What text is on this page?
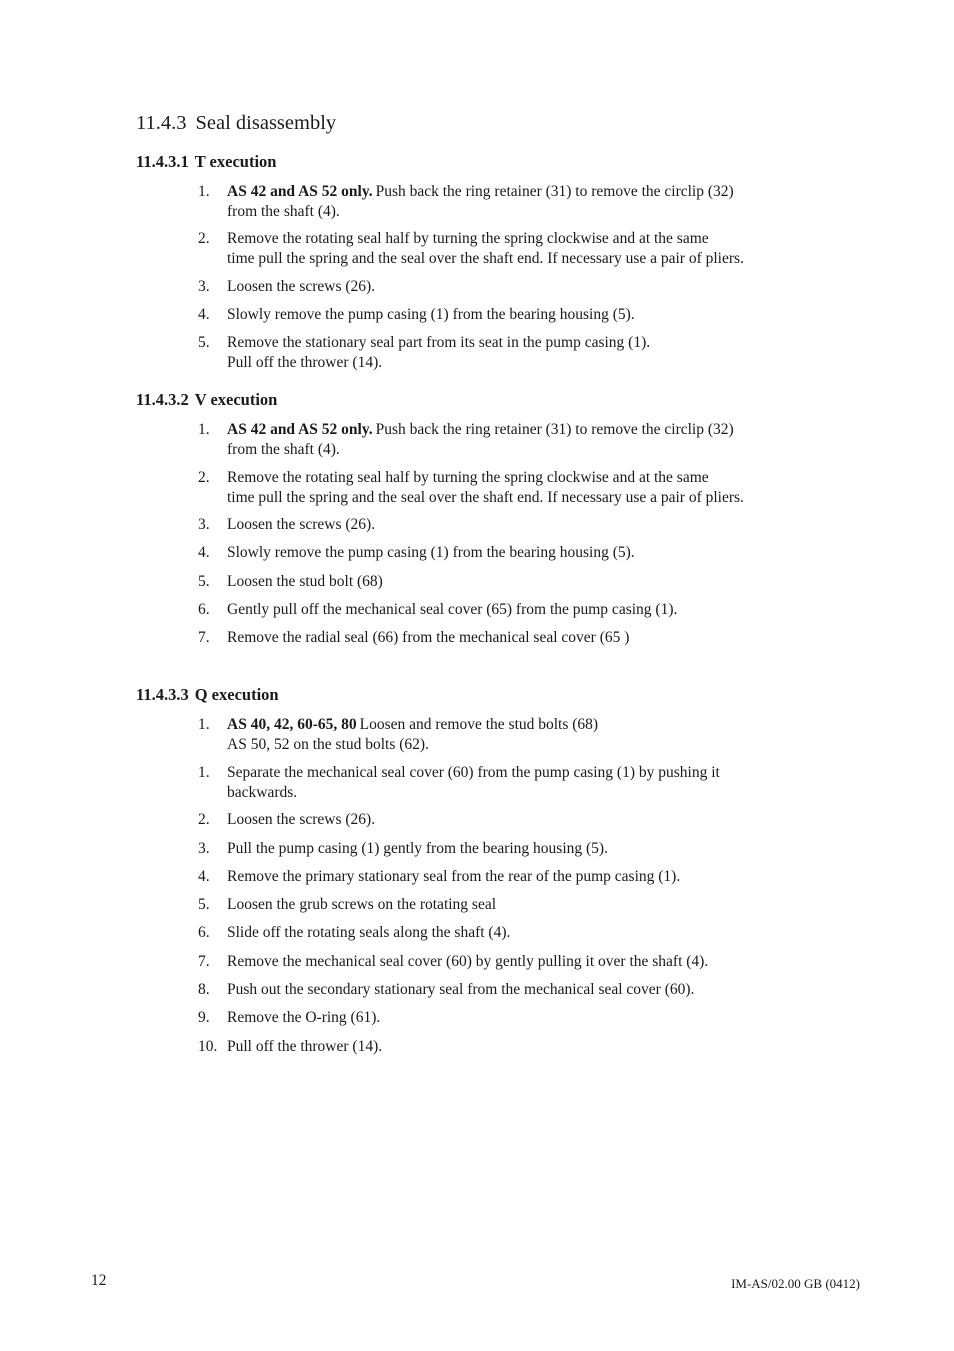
11.4.3 Seal disassembly
11.4.3.1 T execution
1. AS 42 and AS 52 only. Push back the ring retainer (31) to remove the circlip (32)
from the shaft (4).
2. Remove the rotating seal half by turning the spring clockwise and at the same
time pull the spring and the seal over the shaft end. If necessary use a pair of pliers.
3. Loosen the screws (26).
4. Slowly remove the pump casing (1) from the bearing housing (5).
5. Remove the stationary seal part from its seat in the pump casing (1).
Pull off the thrower (14).
11.4.3.2 V execution
1. AS 42 and AS 52 only. Push back the ring retainer (31) to remove the circlip (32)
from the shaft (4).
2. Remove the rotating seal half by turning the spring clockwise and at the same
time pull the spring and the seal over the shaft end. If necessary use a pair of pliers.
3. Loosen the screws (26).
4. Slowly remove the pump casing (1) from the bearing housing (5).
5. Loosen the stud bolt (68)
6. Gently pull off the mechanical seal cover (65) from the pump casing (1).
7. Remove the radial seal (66) from the mechanical seal cover (65 )
11.4.3.3 Q execution
1. AS 40, 42, 60-65, 80 Loosen and remove the stud bolts (68)
AS 50, 52 on the stud bolts (62).
1. Separate the mechanical seal cover (60) from the pump casing (1) by pushing it
backwards.
2. Loosen the screws (26).
3. Pull the pump casing (1) gently from the bearing housing (5).
4. Remove the primary stationary seal from the rear of the pump casing (1).
5. Loosen the grub screws on the rotating seal
6. Slide off the rotating seals along the shaft (4).
7. Remove the mechanical seal cover (60) by gently pulling it over the shaft (4).
8. Push out the secondary stationary seal from the mechanical seal cover (60).
9. Remove the O-ring (61).
10. Pull off the thrower (14).
12	IM-AS/02.00 GB (0412)
